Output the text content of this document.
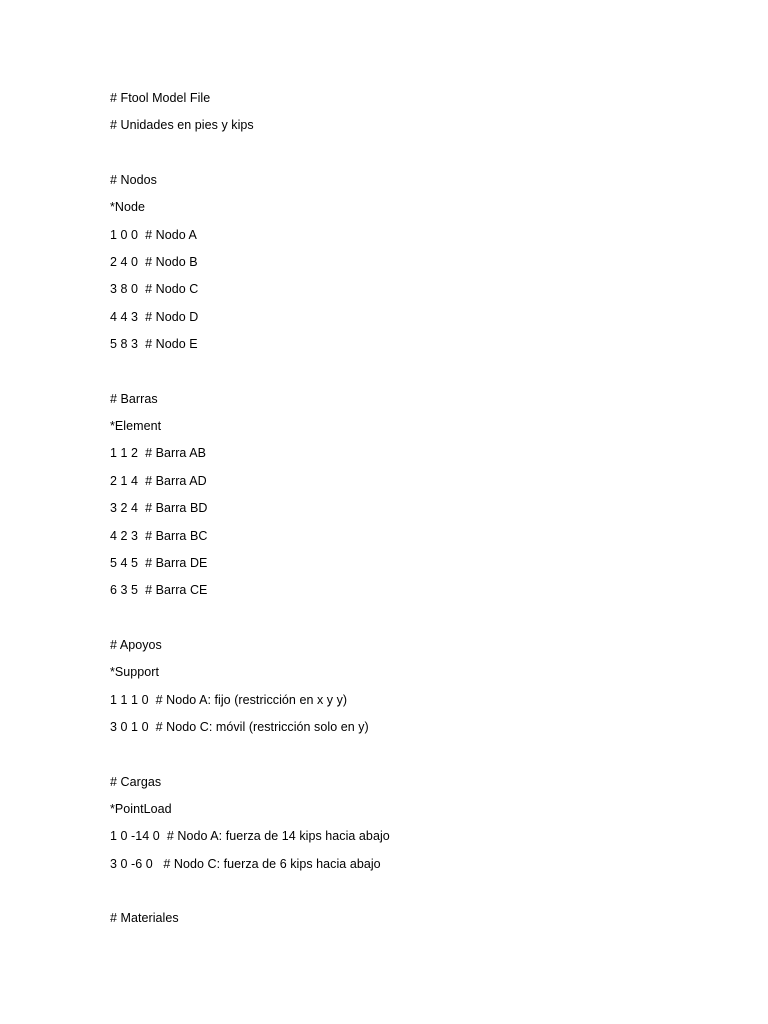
# Ftool Model File
# Unidades en pies y kips
# Nodos
*Node
1 0 0  # Nodo A
2 4 0  # Nodo B
3 8 0  # Nodo C
4 4 3  # Nodo D
5 8 3  # Nodo E
# Barras
*Element
1 1 2  # Barra AB
2 1 4  # Barra AD
3 2 4  # Barra BD
4 2 3  # Barra BC
5 4 5  # Barra DE
6 3 5  # Barra CE
# Apoyos
*Support
1 1 1 0  # Nodo A: fijo (restricción en x y y)
3 0 1 0  # Nodo C: móvil (restricción solo en y)
# Cargas
*PointLoad
1 0 -14 0  # Nodo A: fuerza de 14 kips hacia abajo
3 0 -6 0   # Nodo C: fuerza de 6 kips hacia abajo
# Materiales
